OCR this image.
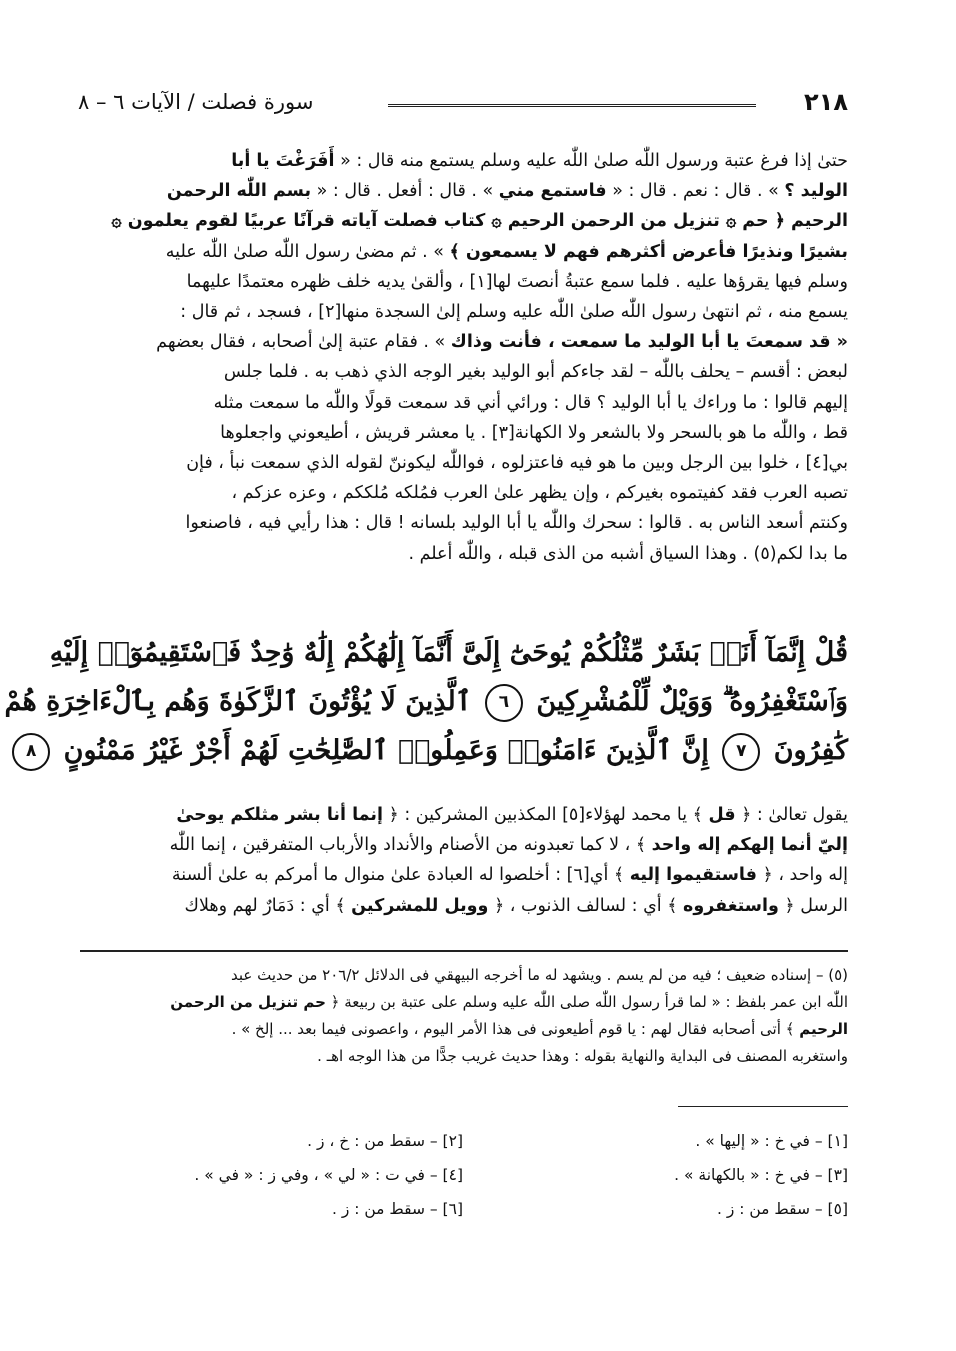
٢١٨
سورة فصلت / الآيات ٦ – ٨
حتىٰ إذا فرغ عتبة ورسول اللّٰه صلىٰ اللّٰه عليه وسلم يستمع منه قال : « أَفَرَغْتَ يا أبا
الوليد ؟ » . قال : نعم . قال : « فاستمع مني » . قال : أفعل . قال : « بسم اللّٰه الرحمن
الرحيم ﴿ حم ۞ تنزيل من الرحمن الرحيم ۞ كتاب فصلت آياته قرآنًا عربيًا لقوم يعلمون ۞
بشيرًا ونذيرًا فأعرض أكثرهم فهم لا يسمعون ﴾ » . ثم مضىٰ رسول اللّٰه صلىٰ اللّٰه عليه
وسلم فيها يقرؤها عليه . فلما سمع عتبةُ أنصتَ لها[١] ، وألقىٰ يديه خلف ظهره معتمدًا عليهما
يسمع منه ، ثم انتهىٰ رسول اللّٰه صلىٰ اللّٰه عليه وسلم إلىٰ السجدة منها[٢] ، فسجد ، ثم قال :
« قد سمعتَ يا أبا الوليد ما سمعت ، فأنت وذاك » . فقام عتبة إلىٰ أصحابه ، فقال بعضهم
لبعض : أقسم – يحلف باللّٰه – لقد جاءكم أبو الوليد بغير الوجه الذي ذهب به . فلما جلس
إليهم قالوا : ما وراءك يا أبا الوليد ؟ قال : ورائي أني قد سمعت قولًا واللّٰه ما سمعت مثله
قط ، واللّٰه ما هو بالسحر ولا بالشعر ولا الكهانة[٣] . يا معشر قريش ، أطيعوني واجعلوها
بي[٤] ، خلوا بين الرجل وبين ما هو فيه فاعتزلوه ، فواللّٰه ليكوننّ لقوله الذي سمعت نبأ ، فإن
تصبه العرب فقد كفيتموه بغيركم ، وإن يظهر علىٰ العرب فمُلكه مُلككم ، وعزه عزكم ،
وكنتم أسعد الناس به . قالوا : سحرك واللّٰه يا أبا الوليد بلسانه ! قال : هذا رأيي فيه ، فاصنعوا
ما بدا لكم(٥) . وهذا السياق أشبه من الذى قبله ، واللّٰه أعلم .
قُلْ إِنَّمَآ أَنَا۠ بَشَرٌ مِّثْلُكُمْ يُوحَىٰٓ إِلَىَّ أَنَّمَآ إِلَٰهُكُمْ إِلَٰهٌ وَٰحِدٌ فَٱسْتَقِيمُوٓا۟ إِلَيْهِ
وَٱسْتَغْفِرُوهُ ۗ وَوَيْلٌ لِّلْمُشْرِكِينَ ٦ ٱلَّذِينَ لَا يُؤْتُونَ ٱلزَّكَوٰةَ وَهُم بِٱلْءَاخِرَةِ هُمْ
كَٰفِرُونَ ٧ إِنَّ ٱلَّذِينَ ءَامَنُوا۟ وَعَمِلُوا۟ ٱلصَّٰلِحَٰتِ لَهُمْ أَجْرٌ غَيْرُ مَمْنُونٍ ٨
يقول تعالىٰ : ﴿ قل ﴾ يا محمد لهؤلاء[٥] المكذبين المشركين : ﴿ إنما أنا بشر مثلكم يوحىٰ
إليّ أنما إلهكم إله واحد ﴾ ، لا كما تعبدونه من الأصنام والأنداد والأرباب المتفرقين ، إنما اللّٰه
إله واحد ، ﴿ فاستقيموا إليه ﴾ أي[٦] : أخلصوا له العبادة علىٰ منوال ما أمركم به علىٰ ألسنة
الرسل ﴿ واستغفروه ﴾ أي : لسالف الذنوب ، ﴿ وويل للمشركين ﴾ أي : دَمَارٌ لهم وهلاك
(٥) – إسناده ضعيف ؛ فيه من لم يسم . ويشهد له ما أخرجه البيهقي فى الدلائل ٢٠٦/٢ من حديث عبد
اللّٰه ابن عمر بلفظ : « لما قرأ رسول اللّٰه صلى اللّٰه عليه وسلم على عتبة بن ربيعة ﴿ حم تنزيل من الرحمن
الرحيم ﴾ أتى أصحابه فقال لهم : يا قوم أطيعونى فى هذا الأمر اليوم ، واعصونى فيما بعد ... إلخ » .
واستغربه المصنف فى البداية والنهاية بقوله : وهذا حديث غريب جدًّا من هذا الوجه اهـ .
[١] – في خ : « إليها » .
[٢] – سقط من : خ ، ز .
[٣] – في خ : « بالكهانة » .
[٤] – في ت : « لي » ، وفي ز : « في » .
[٥] – سقط من : ز .
[٦] – سقط من : ز .
